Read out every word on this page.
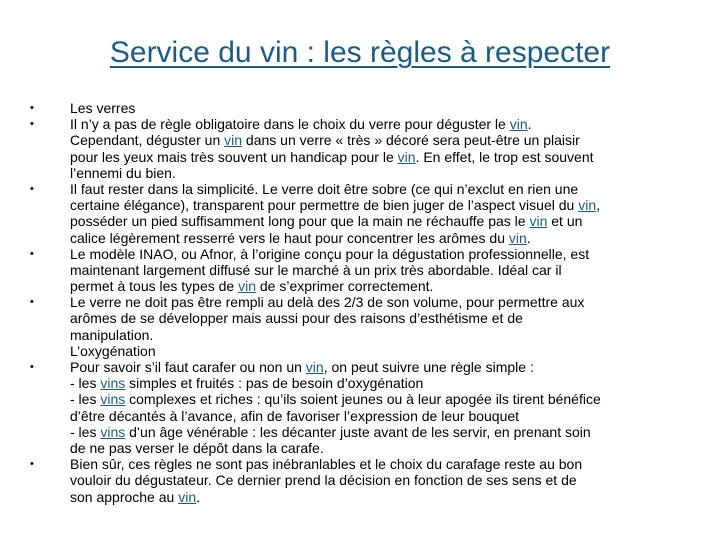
Service du vin : les règles à respecter
•	Les verres
•	Il n’y a pas de règle obligatoire dans le choix du verre pour déguster le vin.
Cependant, déguster un vin dans un verre « très » décoré sera peut-être un plaisir
pour les yeux mais très souvent un handicap pour le vin. En effet, le trop est souvent
l’ennemi du bien.
•	Il faut rester dans la simplicité. Le verre doit être sobre (ce qui n’exclut en rien une
certaine élégance), transparent pour permettre de bien juger de l’aspect visuel du vin,
posséder un pied suffisamment long pour que la main ne réchauffe pas le vin et un
calice légèrement resserré vers le haut pour concentrer les arômes du vin.
•	Le modèle INAO, ou Afnor, à l’origine conçu pour la dégustation professionnelle, est
maintenant largement diffusé sur le marché à un prix très abordable. Idéal car il
permet à tous les types de vin de s’exprimer correctement.
•	Le verre ne doit pas être rempli au delà des 2/3 de son volume, pour permettre aux
arômes de se développer mais aussi pour des raisons d’esthétisme et de
manipulation.
L’oxygénation
•	Pour savoir s’il faut carafer ou non un vin, on peut suivre une règle simple :
- les vins simples et fruités : pas de besoin d’oxygénation
- les vins complexes et riches : qu’ils soient jeunes ou à leur apogée ils tirent bénéfice
d’être décantés à l’avance, afin de favoriser l’expression de leur bouquet
- les vins d’un âge vénérable : les décanter juste avant de les servir, en prenant soin
de ne pas verser le dépôt dans la carafe.
•	Bien sûr, ces règles ne sont pas inébranlables et le choix du carafage reste au bon
vouloir du dégustateur. Ce dernier prend la décision en fonction de ses sens et de
son approche au vin.
